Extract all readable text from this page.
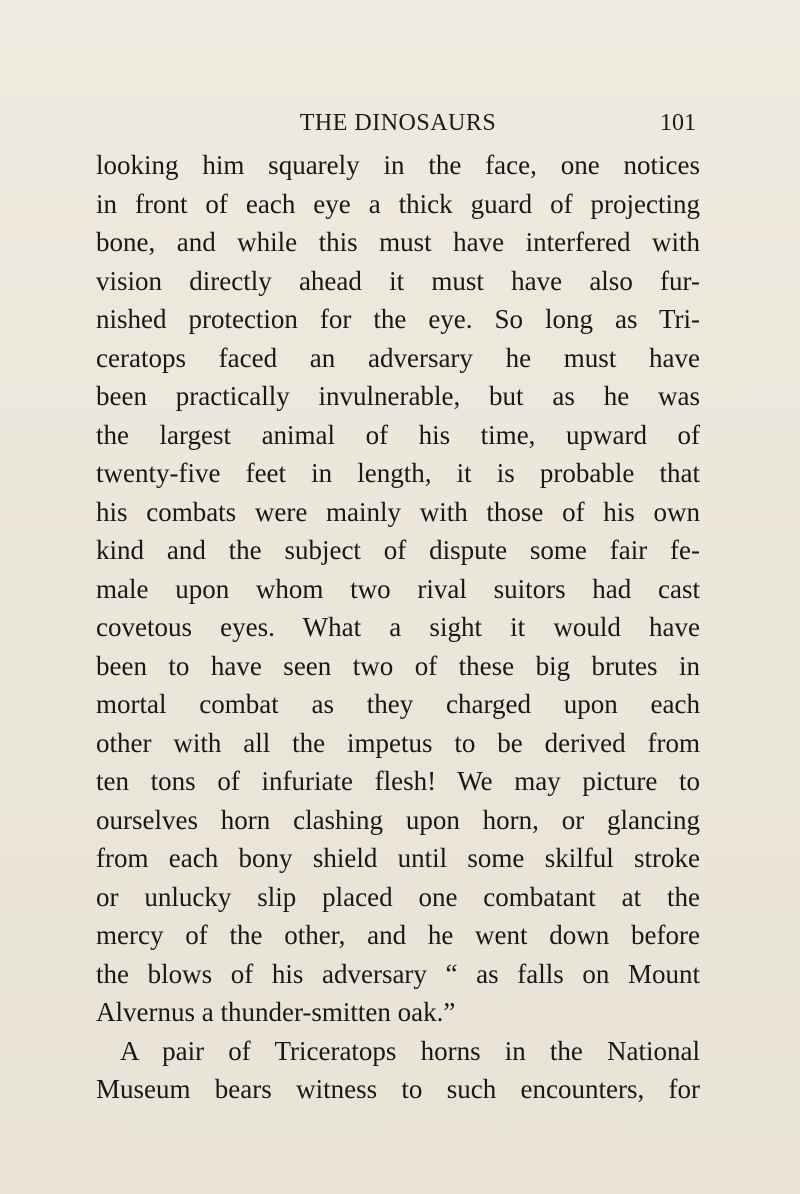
THE DINOSAURS	101
looking him squarely in the face, one notices
in front of each eye a thick guard of projecting
bone, and while this must have interfered with
vision directly ahead it must have also fur-
nished protection for the eye. So long as Tri-
ceratops faced an adversary he must have
been practically invulnerable, but as he was
the largest animal of his time, upward of
twenty-five feet in length, it is probable that
his combats were mainly with those of his own
kind and the subject of dispute some fair fe-
male upon whom two rival suitors had cast
covetous eyes. What a sight it would have
been to have seen two of these big brutes in
mortal combat as they charged upon each
other with all the impetus to be derived from
ten tons of infuriate flesh! We may picture to
ourselves horn clashing upon horn, or glancing
from each bony shield until some skilful stroke
or unlucky slip placed one combatant at the
mercy of the other, and he went down before
the blows of his adversary “ as falls on Mount
Alvernus a thunder-smitten oak.”
A pair of Triceratops horns in the National
Museum bears witness to such encounters, for
